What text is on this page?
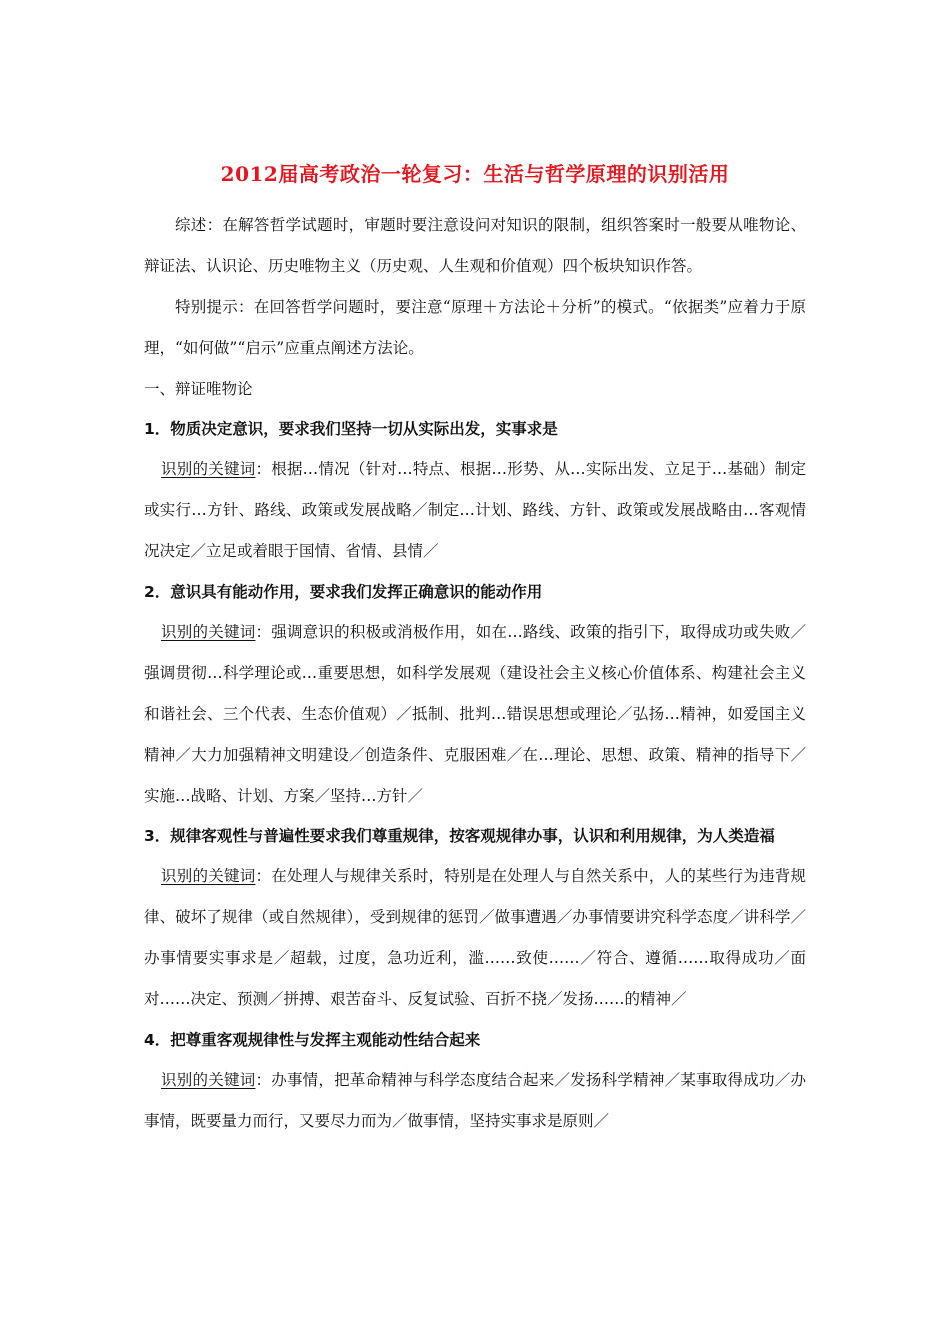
2012届高考政治一轮复习：生活与哲学原理的识别活用

综述：在解答哲学试题时，审题时要注意设问对知识的限制，组织答案时一般要从唯物论、辩证法、认识论、历史唯物主义（历史观、人生观和价值观）四个板块知识作答。

特别提示：在回答哲学问题时，要注意“原理＋方法论＋分析”的模式。“依据类”应着力于原理，“如何做”“启示”应重点阐述方法论。

一、辩证唯物论

1．物质决定意识，要求我们坚持一切从实际出发，实事求是

识别的关键词：根据…情况（针对…特点、根据…形势、从…实际出发、立足于…基础）制定或实行…方针、路线、政策或发展战略／制定…计划、路线、方针、政策或发展战略由…客观情况决定／立足或着眼于国情、省情、县情／

2．意识具有能动作用，要求我们发挥正确意识的能动作用

识别的关键词：强调意识的积极或消极作用，如在…路线、政策的指引下，取得成功或失败／强调贯彻…科学理论或…重要思想，如科学发展观（建设社会主义核心价值体系、构建社会主义和谐社会、三个代表、生态价值观）／抵制、批判…错误思想或理论／弘扬…精神，如爱国主义精神／大力加强精神文明建设／创造条件、克服困难／在…理论、思想、政策、精神的指导下／实施…战略、计划、方案／坚持…方针／

3．规律客观性与普遍性要求我们尊重规律，按客观规律办事，认识和利用规律，为人类造福

识别的关键词：在处理人与规律关系时，特别是在处理人与自然关系中，人的某些行为违背规律、破坏了规律（或自然规律），受到规律的惩罚／做事遭遇／办事情要讲究科学态度／讲科学／办事情要实事求是／超载，过度，急功近利，滥……致使……／符合、遵循……取得成功／面对……决定、预测／拼搏、艰苦奋斗、反复试验、百折不挠／发扬……的精神／

4．把尊重客观规律性与发挥主观能动性结合起来

识别的关键词：办事情，把革命精神与科学态度结合起来／发扬科学精神／某事取得成功／办事情，既要量力而行，又要尽力而为／做事情，坚持实事求是原则／
